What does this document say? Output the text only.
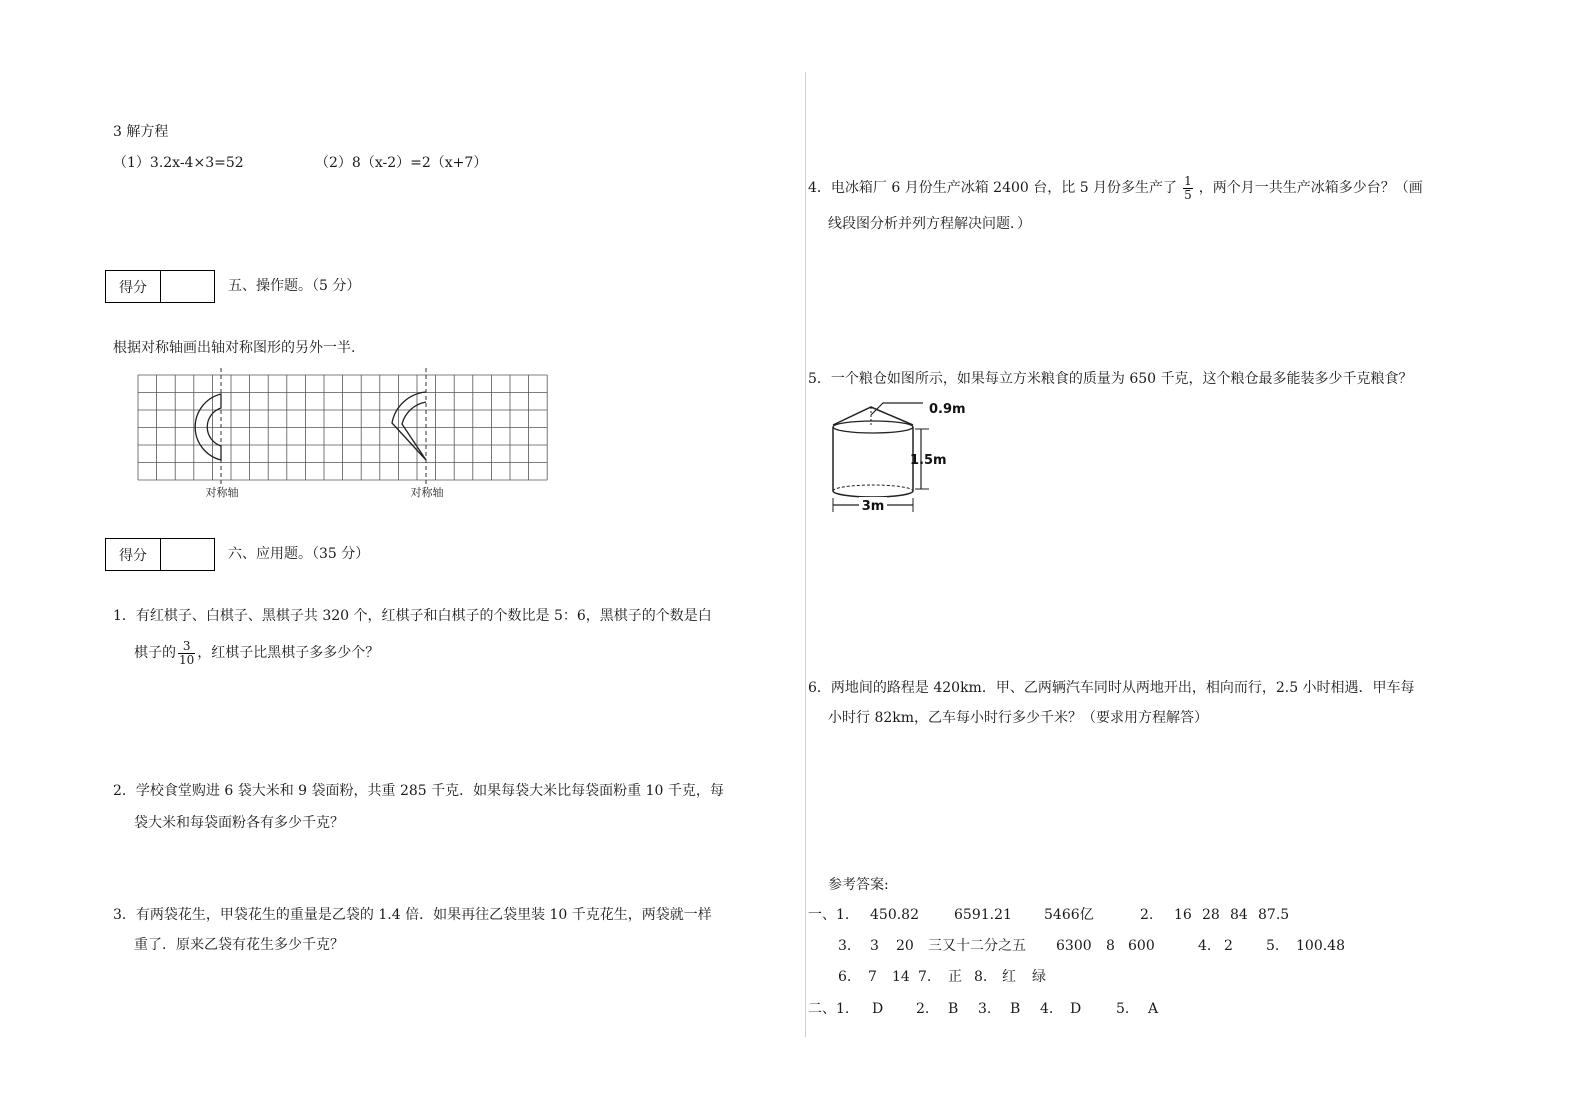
3 解方程
（1）3.2x-4×3=52	（2）8（x-2）=2（x+7）
得分	五、操作题。（5 分）
根据对称轴画出轴对称图形的另外一半.
对称轴	对称轴
得分	六、应用题。（35 分）
1．有红棋子、白棋子、黑棋子共 320 个，红棋子和白棋子的个数比是 5：6，黑棋子的个数是白
棋子的 $\frac{3}{10}$ ，红棋子比黑棋子多多少个？
2．学校食堂购进 6 袋大米和 9 袋面粉，共重 285 千克．如果每袋大米比每袋面粉重 10 千克，每
袋大米和每袋面粉各有多少千克？
3．有两袋花生，甲袋花生的重量是乙袋的 1.4 倍．如果再往乙袋里装 10 千克花生，两袋就一样
重了．原来乙袋有花生多少千克？
4．电冰箱厂 6 月份生产冰箱 2400 台，比 5 月份多生产了 $\frac{1}{5}$ ，两个月一共生产冰箱多少台？（画
线段图分析并列方程解决问题．）
5．一个粮仓如图所示，如果每立方米粮食的质量为 650 千克，这个粮仓最多能装多少千克粮食？
0.9m
1.5m
3m
6．两地间的路程是 420km．甲、乙两辆汽车同时从两地开出，相向而行，2.5 小时相遇．甲车每
小时行 82km，乙车每小时行多少千米？（要求用方程解答）
参考答案:
一、1. 450.82	6591.21 5466亿	2. 16 28 84 87.5
3. 3 20 三又十二分之五 6300 8 600	4. 2 5. 100.48
6. 7 14 7. 正 8. 红 绿
二、1. D 2. B 3. B 4. D 5. A
